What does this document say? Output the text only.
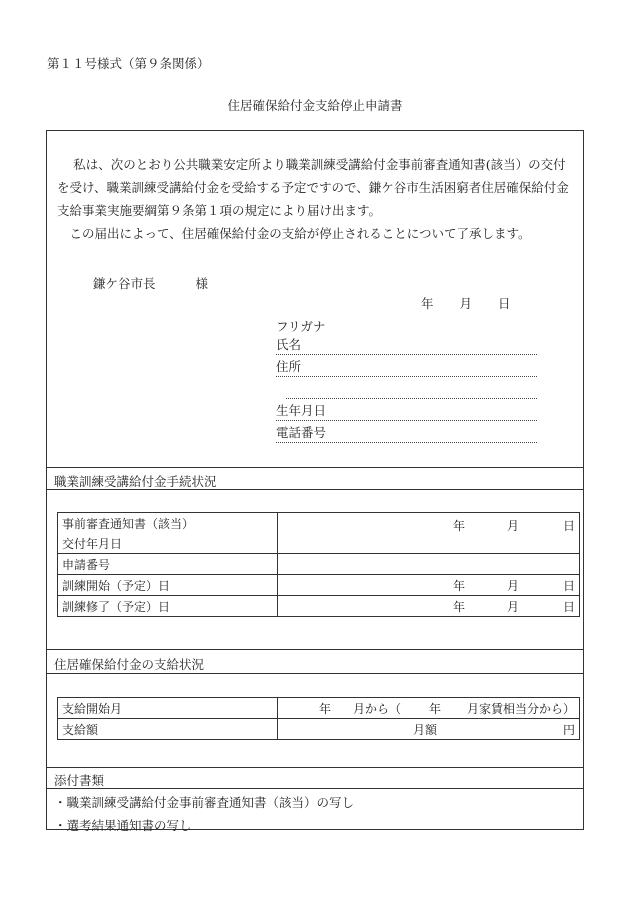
第１１号様式（第９条関係）
住居確保給付金支給停止申請書

私は、次のとおり公共職業安定所より職業訓練受講給付金事前審査通知書(該当）の交付を受け、職業訓練受講給付金を受給する予定ですので、鎌ケ谷市生活困窮者住居確保給付金支給事業実施要綱第９条第１項の規定により届け出ます。

この届出によって、住居確保給付金の支給が停止されることについて了承します。

鎌ケ谷市長	様
年 月 日
フリガナ
氏名
住所
生年月日
電話番号
職業訓練受講給付金手続状況
事前審査通知書（該当）	年 月 日

交付年月日	
申請番号	
訓練開始（予定）日	年 月 日

訓練修了（予定）日	年 月 日
住居確保給付金の支給状況
支給開始月	年 月から（ 年 月家賃相当分から）

支給額	月額 円
添付書類
・職業訓練受講給付金事前審査通知書（該当）の写し
・選考結果通知書の写し
